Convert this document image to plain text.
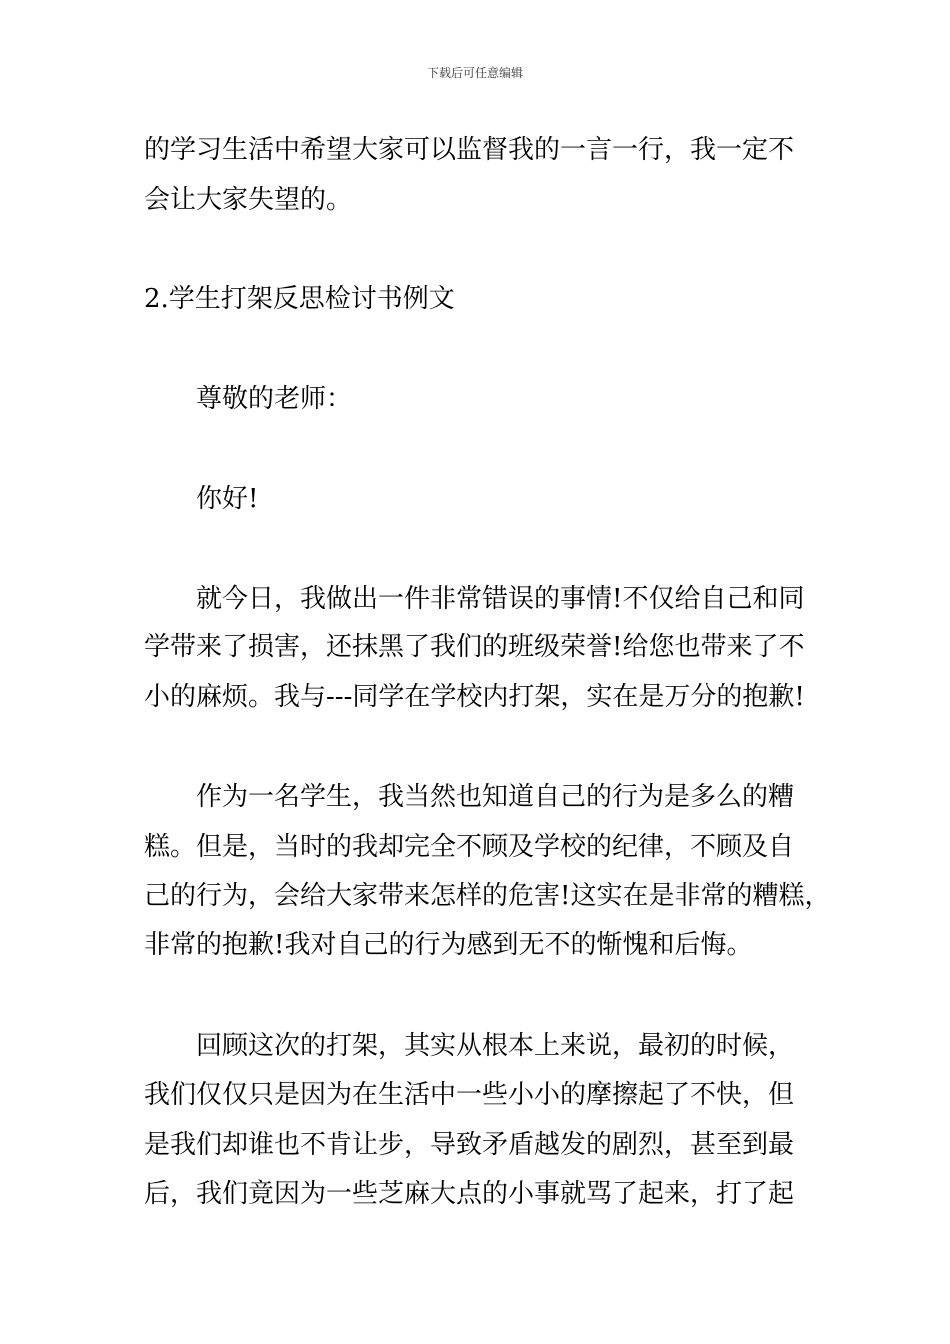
下载后可任意编辑
的学习生活中希望大家可以监督我的一言一行，我一定不
会让大家失望的。
2.学生打架反思检讨书例文
尊敬的老师：
你好!
就今日，我做出一件非常错误的事情!不仅给自己和同
学带来了损害，还抹黑了我们的班级荣誉!给您也带来了不
小的麻烦。我与---同学在学校内打架，实在是万分的抱歉!
作为一名学生，我当然也知道自己的行为是多么的糟
糕。但是，当时的我却完全不顾及学校的纪律，不顾及自
己的行为，会给大家带来怎样的危害!这实在是非常的糟糕，
非常的抱歉!我对自己的行为感到无不的惭愧和后悔。
回顾这次的打架，其实从根本上来说，最初的时候，
我们仅仅只是因为在生活中一些小小的摩擦起了不快，但
是我们却谁也不肯让步，导致矛盾越发的剧烈，甚至到最
后，我们竟因为一些芝麻大点的小事就骂了起来，打了起
